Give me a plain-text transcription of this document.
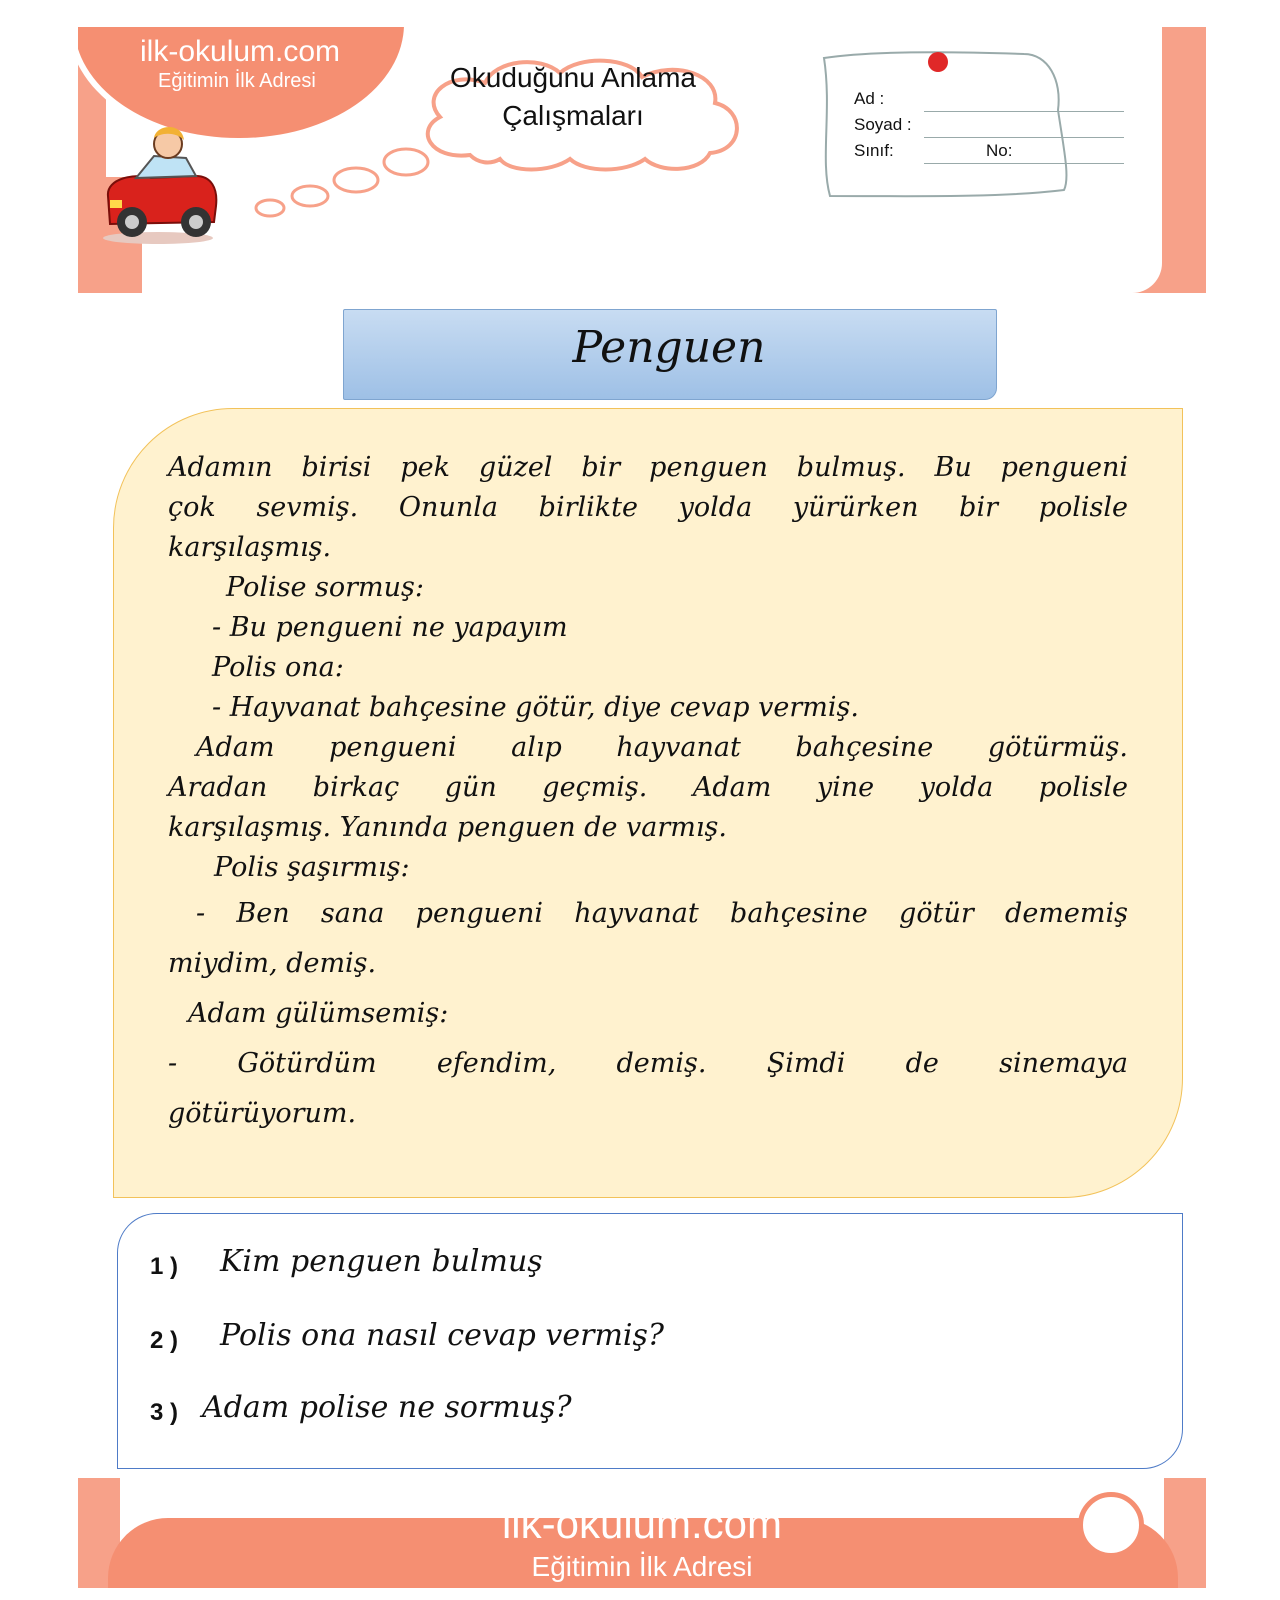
ilk-okulum.com
Eğitimin İlk Adresi	Okuduğunu Anlama
Çalışmaları
Ad :
Soyad :
Sınıf:	No:
Penguen
Adamın birisi pek güzel bir penguen bulmuş. Bu pengueni
çok sevmiş. Onunla birlikte yolda yürürken bir polisle
karşılaşmış.
Polise sormuş:
- Bu pengueni ne yapayım
Polis ona:
- Hayvanat bahçesine götür, diye cevap vermiş.
Adam pengueni alıp hayvanat bahçesine götürmüş.
Aradan birkaç gün geçmiş. Adam yine yolda polisle
karşılaşmış. Yanında penguen de varmış.
Polis şaşırmış:
- Ben sana pengueni hayvanat bahçesine götür dememiş
miydim, demiş.
Adam gülümsemiş:
- Götürdüm efendim, demiş. Şimdi de sinemaya
götürüyorum.
1 ) Kim penguen bulmuş
2 ) Polis ona nasıl cevap vermiş?
3 ) Adam polise ne sormuş?
ilk-okulum.com
Eğitimin İlk Adresi
